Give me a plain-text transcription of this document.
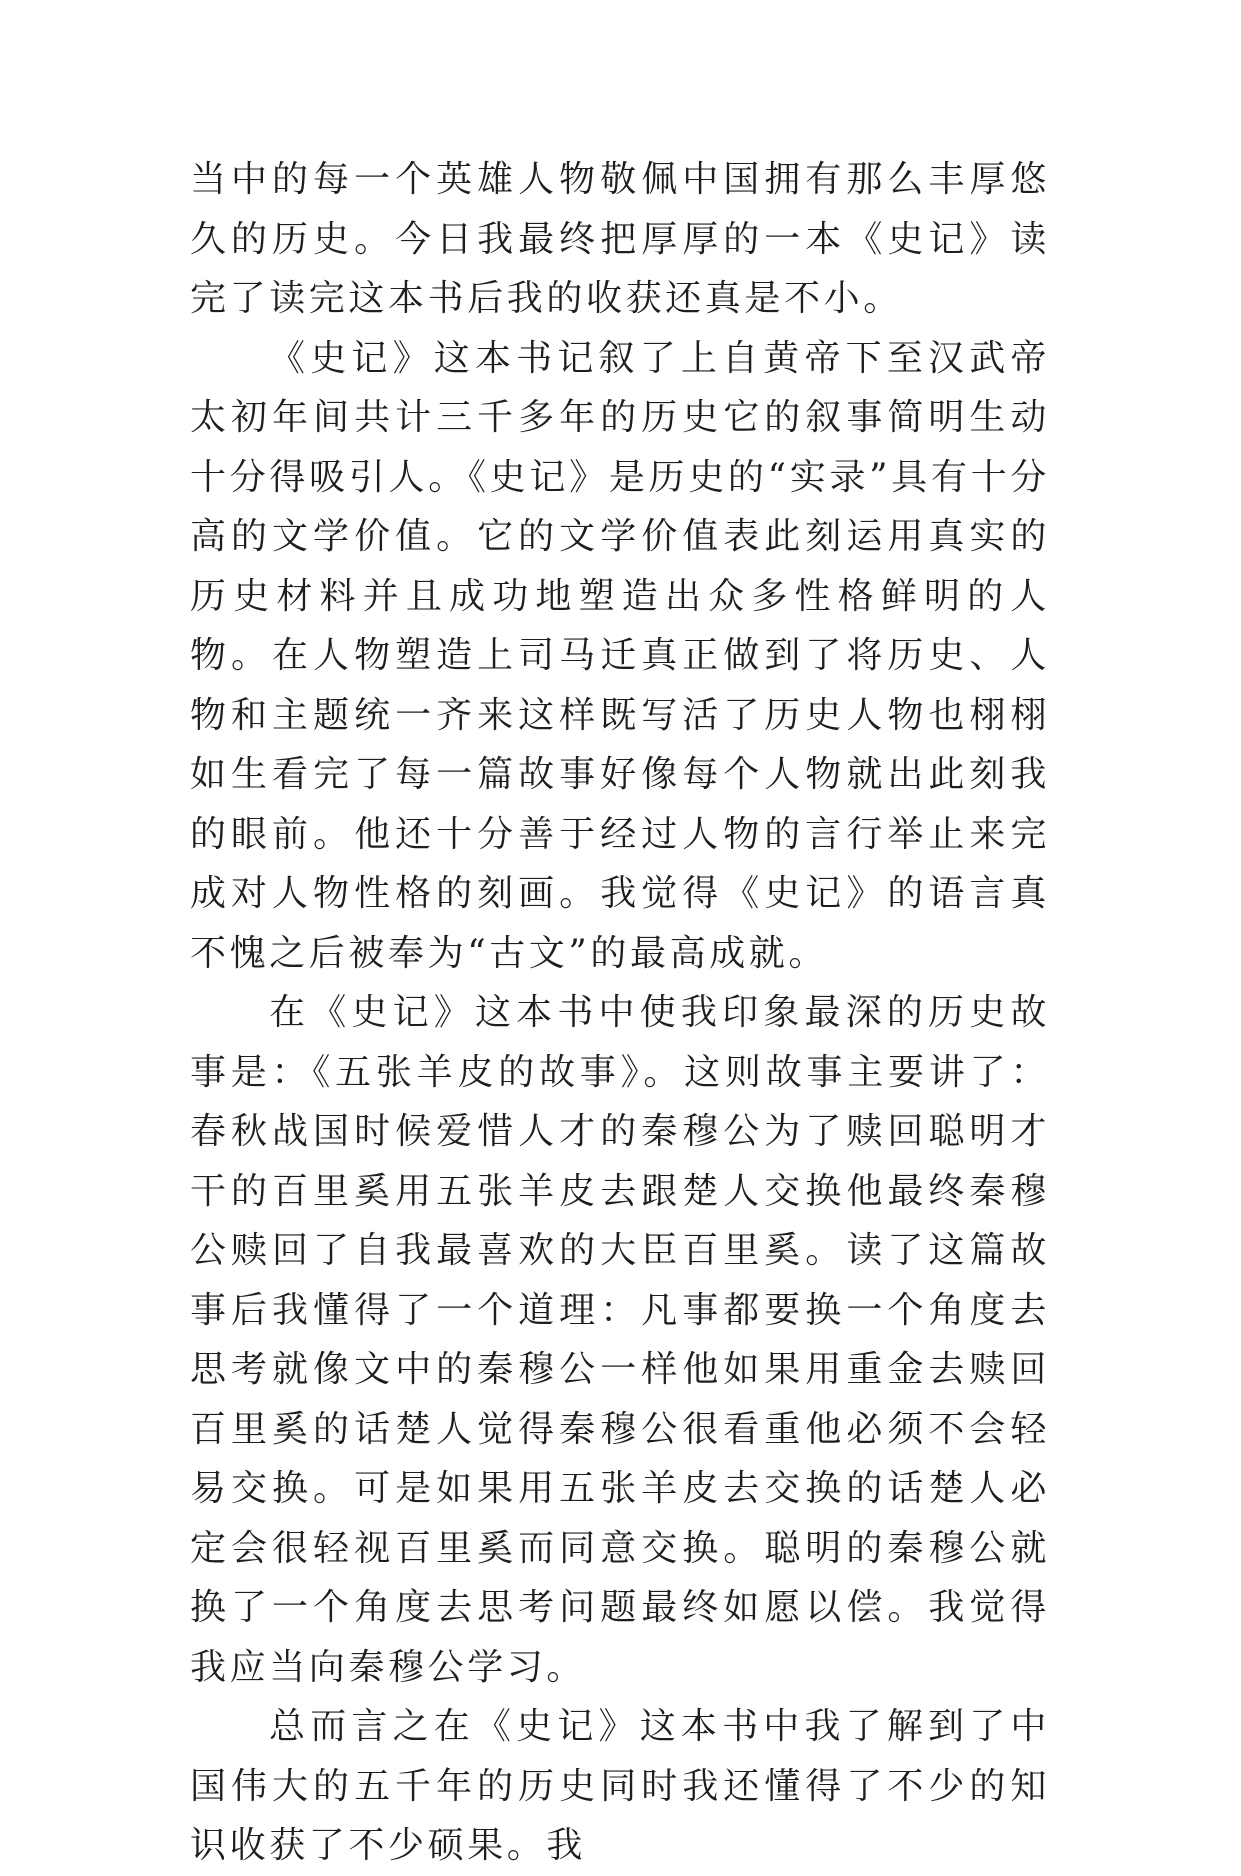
当中的每一个英雄人物敬佩中国拥有那么丰厚悠久的历史。今日我最终把厚厚的一本《史记》读完了读完这本书后我的收获还真是不小。

《史记》这本书记叙了上自黄帝下至汉武帝太初年间共计三千多年的历史它的叙事简明生动十分得吸引人。《史记》是历史的“实录”具有十分高的文学价值。它的文学价值表此刻运用真实的历史材料并且成功地塑造出众多性格鲜明的人物。在人物塑造上司马迁真正做到了将历史、人物和主题统一齐来这样既写活了历史人物也栩栩如生看完了每一篇故事好像每个人物就出此刻我的眼前。他还十分善于经过人物的言行举止来完成对人物性格的刻画。我觉得《史记》的语言真不愧之后被奉为“古文”的最高成就。

在《史记》这本书中使我印象最深的历史故事是：《五张羊皮的故事》。这则故事主要讲了：春秋战国时候爱惜人才的秦穆公为了赎回聪明才干的百里奚用五张羊皮去跟楚人交换他最终秦穆公赎回了自我最喜欢的大臣百里奚。读了这篇故事后我懂得了一个道理：凡事都要换一个角度去思考就像文中的秦穆公一样他如果用重金去赎回百里奚的话楚人觉得秦穆公很看重他必须不会轻易交换。可是如果用五张羊皮去交换的话楚人必定会很轻视百里奚而同意交换。聪明的秦穆公就换了一个角度去思考问题最终如愿以偿。我觉得我应当向秦穆公学习。

总而言之在《史记》这本书中我了解到了中国伟大的五千年的历史同时我还懂得了不少的知识收获了不少硕果。我
